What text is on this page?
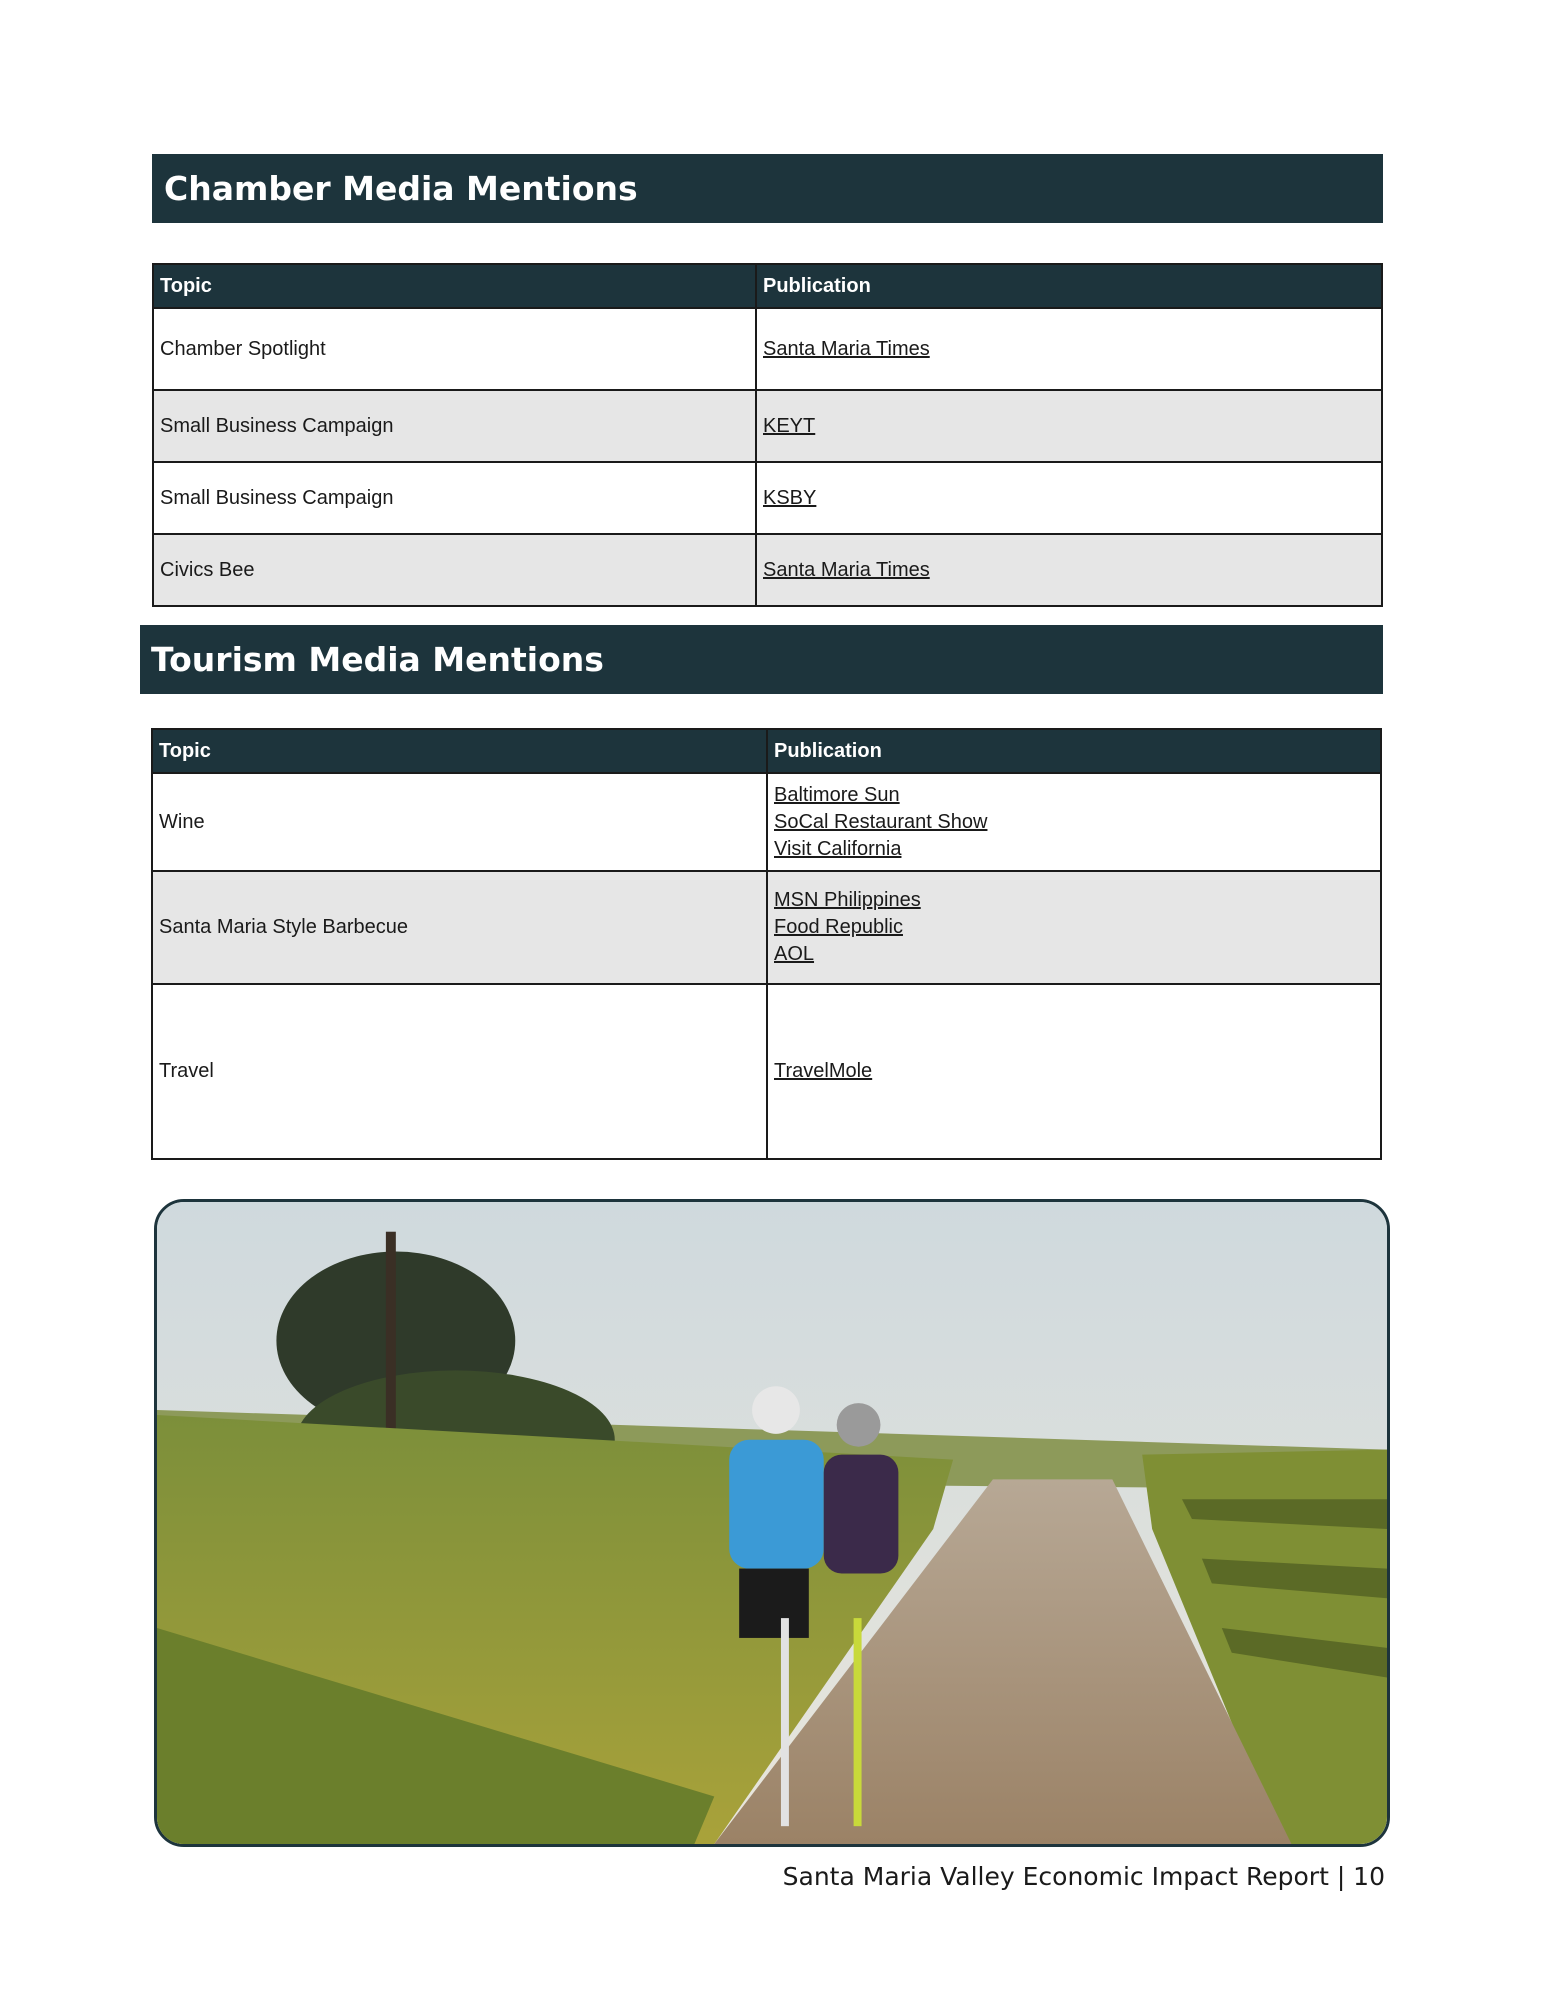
Chamber Media Mentions
Topic	Publication
Chamber Spotlight	Santa Maria Times

Small Business Campaign	KEYT

Small Business Campaign	KSBY

Civics Bee	Santa Maria Times
Tourism Media Mentions
Topic	Publication
Wine	Baltimore Sun
SoCal Restaurant Show
Visit California

Santa Maria Style Barbecue	MSN Philippines
Food Republic
AOL

Travel	TravelMole
Santa Maria Valley Economic Impact Report | 10
